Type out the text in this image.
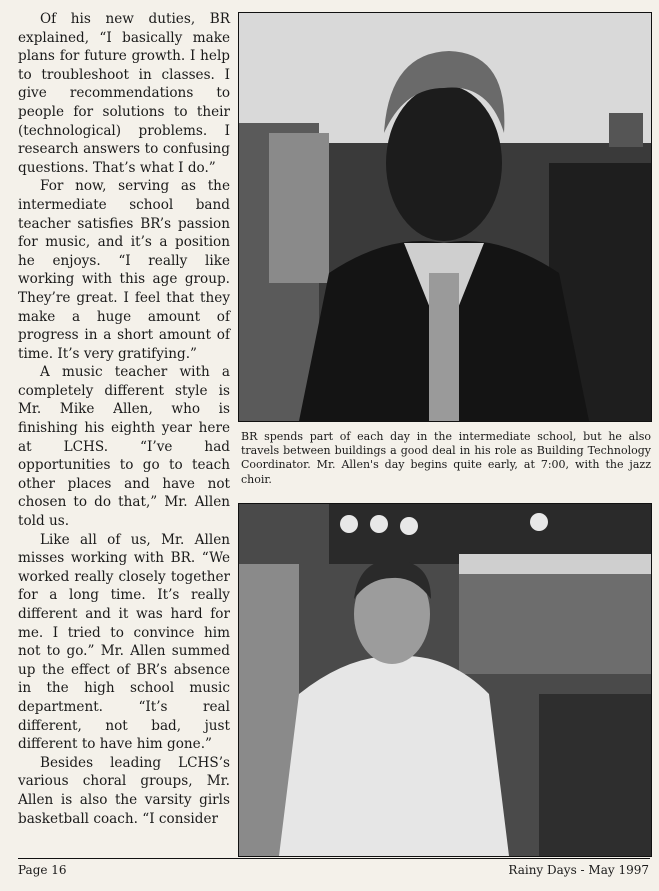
Of his new duties, BR explained, “I basically make plans for future growth. I help to troubleshoot in classes. I give recommendations to people for solutions to their (technological) problems. I research answers to confusing questions. That’s what I do.”

For now, serving as the intermediate school band teacher satisfies BR’s passion for music, and it’s a position he enjoys. “I really like working with this age group. They’re great. I feel that they make a huge amount of progress in a short amount of time. It’s very gratifying.”

A music teacher with a completely different style is Mr. Mike Allen, who is finishing his eighth year here at LCHS. “I’ve had opportunities to go to teach other places and have not chosen to do that,” Mr. Allen told us.

Like all of us, Mr. Allen misses working with BR. “We worked really closely together for a long time. It’s really different and it was hard for me. I tried to convince him not to go.” Mr. Allen summed up the effect of BR’s absence in the high school music department. “It’s real different, not bad, just different to have him gone.”

Besides leading LCHS’s various choral groups, Mr. Allen is also the varsity girls basketball coach. “I consider

BR spends part of each day in the intermediate school, but he also travels between buildings a good deal in his role as Building Technology Coordinator. Mr. Allen's day begins quite early, at 7:00, with the jazz choir.

Page 16	Rainy Days - May 1997
